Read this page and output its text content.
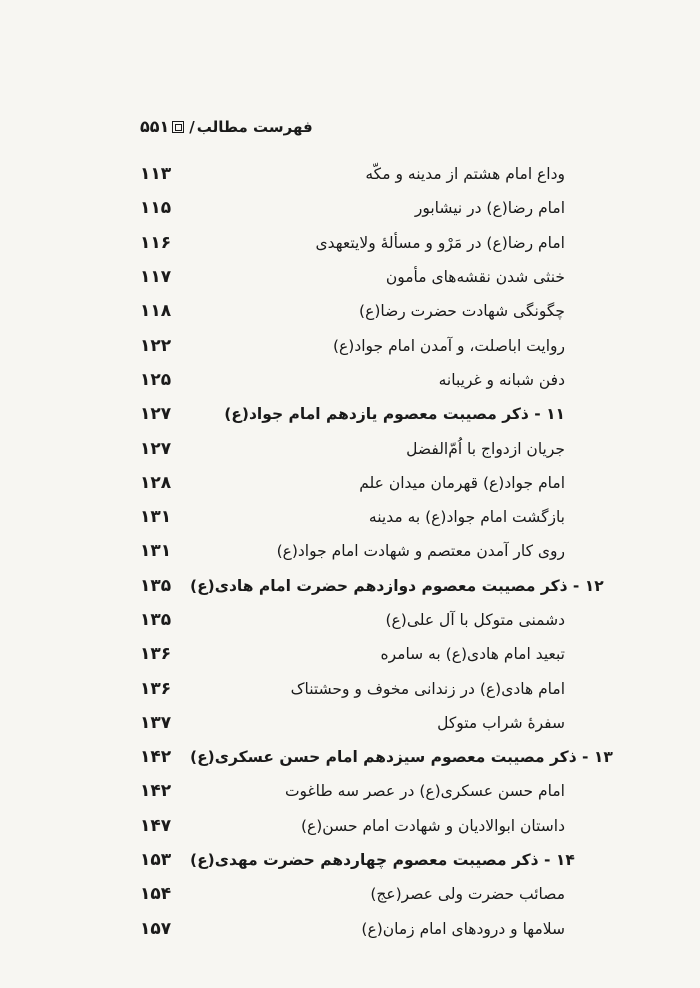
۵۵۱ / فهرست مطالب
۱۱۳	وداع امام هشتم از مدینه و مکّه
۱۱۵	امام رضا(ع) در نیشابور
۱۱۶	امام رضا(ع) در مَرْو و مسألهٔ ولایتعهدی
۱۱۷	خنثی شدن نقشه‌های مأمون
۱۱۸	چگونگی شهادت حضرت رضا(ع)
۱۲۲	روایت اباصلت، و آمدن امام جواد(ع)
۱۲۵	دفن شبانه و غریبانه
۱۲۷	۱۱ - ذکر مصیبت معصوم یازدهم امام جواد(ع)
۱۲۷	جریان ازدواج با اُمّ‌الفضل
۱۲۸	امام جواد(ع) قهرمان میدان علم
۱۳۱	بازگشت امام جواد(ع) به مدینه
۱۳۱	روی کار آمدن معتصم و شهادت امام جواد(ع)
۱۳۵	۱۲ - ذکر مصیبت معصوم دوازدهم حضرت امام هادی(ع)
۱۳۵	دشمنی متوکل با آل علی(ع)
۱۳۶	تبعید امام هادی(ع) به سامره
۱۳۶	امام هادی(ع) در زندانی مخوف و وحشتناک
۱۳۷	سفرهٔ شراب متوکل
۱۴۲	۱۳ - ذکر مصیبت معصوم سیزدهم امام حسن عسکری(ع)
۱۴۲	امام حسن عسکری(ع) در عصر سه طاغوت
۱۴۷	داستان ابوالادیان و شهادت امام حسن(ع)
۱۵۳	۱۴ - ذکر مصیبت معصوم چهاردهم حضرت مهدی(ع)
۱۵۴	مصائب حضرت ولی عصر(عج)
۱۵۷	سلامها و درودهای امام زمان(ع)
